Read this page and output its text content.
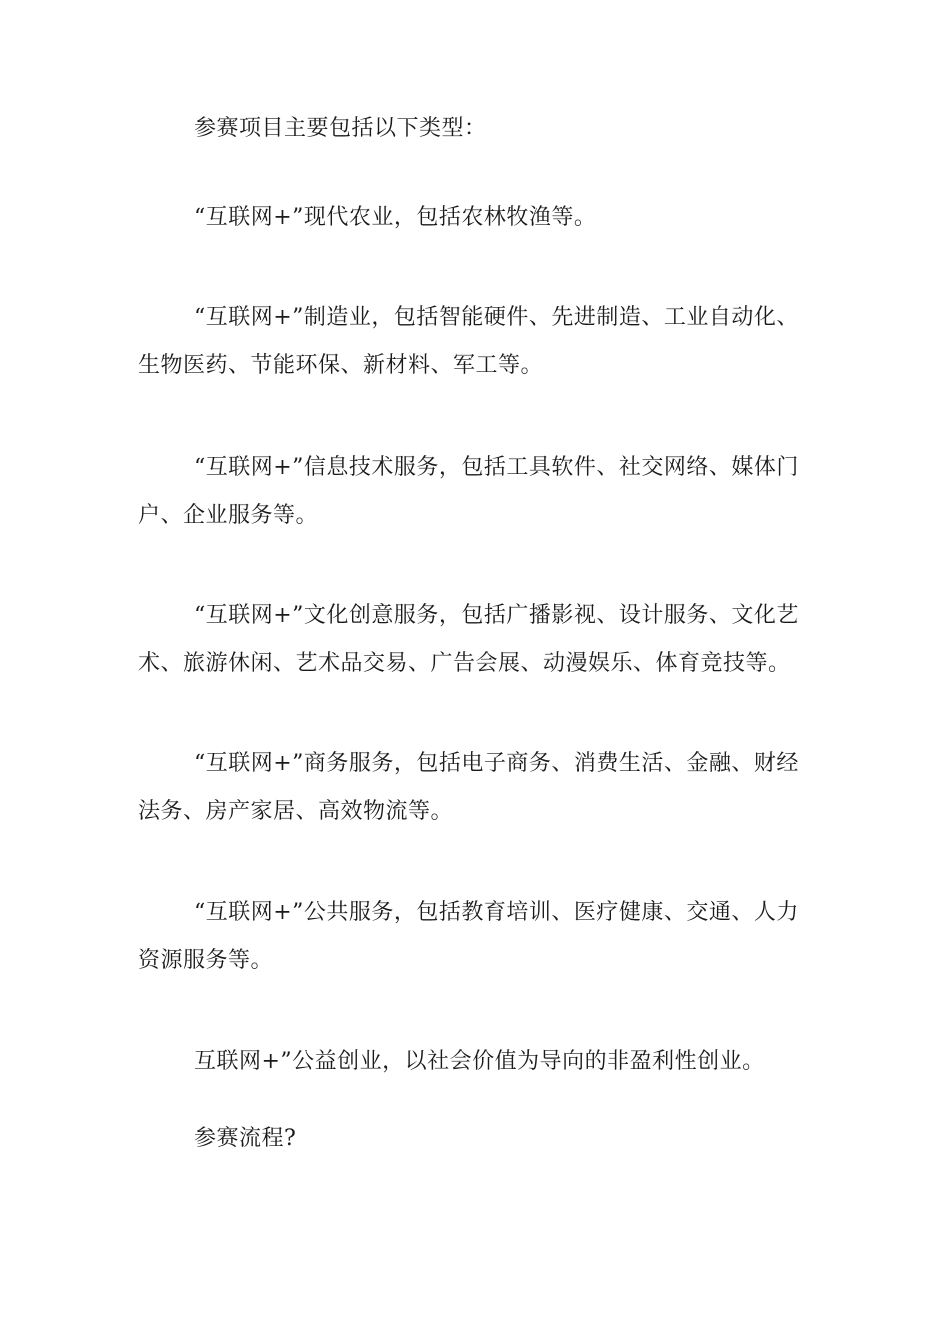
参赛项目主要包括以下类型：

“互联网+”现代农业，包括农林牧渔等。

“互联网+”制造业，包括智能硬件、先进制造、工业自动化、生物医药、节能环保、新材料、军工等。

“互联网+”信息技术服务，包括工具软件、社交网络、媒体门户、企业服务等。

“互联网+”文化创意服务，包括广播影视、设计服务、文化艺术、旅游休闲、艺术品交易、广告会展、动漫娱乐、体育竞技等。

“互联网+”商务服务，包括电子商务、消费生活、金融、财经法务、房产家居、高效物流等。

“互联网+”公共服务，包括教育培训、医疗健康、交通、人力资源服务等。

互联网+”公益创业，以社会价值为导向的非盈利性创业。

参赛流程?
